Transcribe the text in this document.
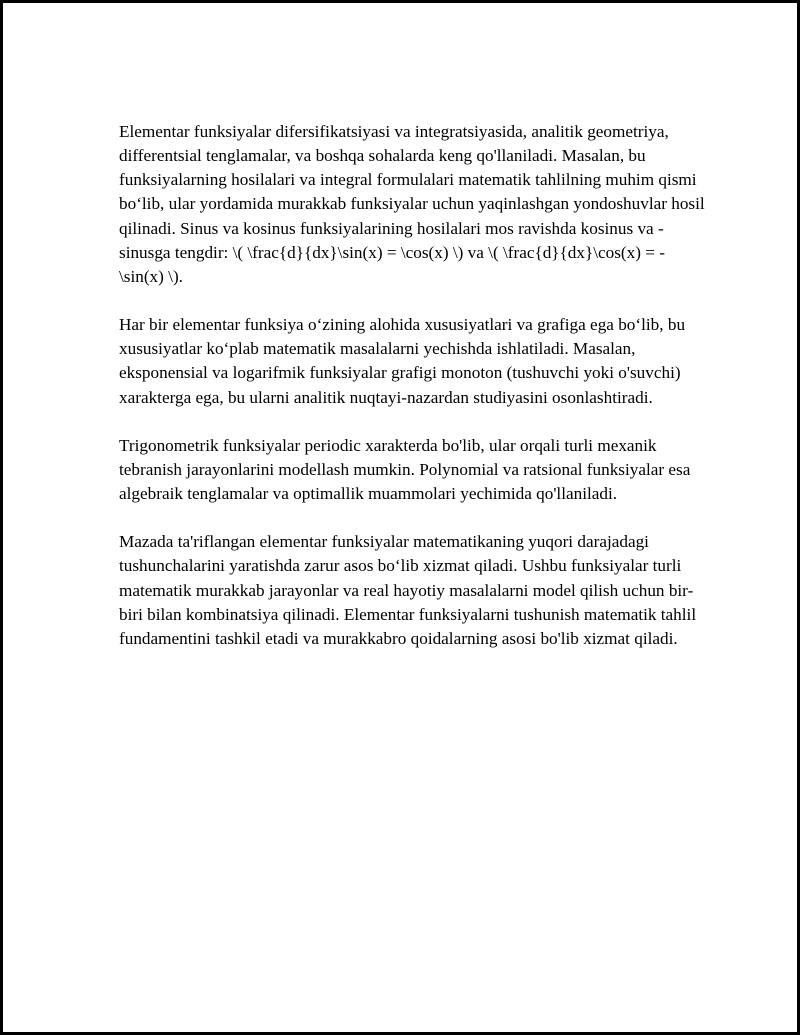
Elementar funksiyalar difersifikatsiyasi va integratsiyasida, analitik geometriya, differentsial tenglamalar, va boshqa sohalarda keng qo'llaniladi. Masalan, bu funksiyalarning hosilalari va integral formulalari matematik tahlilning muhim qismi bo‘lib, ular yordamida murakkab funksiyalar uchun yaqinlashgan yondoshuvlar hosil qilinadi. Sinus va kosinus funksiyalarining hosilalari mos ravishda kosinus va -sinusga tengdir: \( \frac{d}{dx}\sin(x) = \cos(x) \) va \( \frac{d}{dx}\cos(x) = -\sin(x) \).

Har bir elementar funksiya o‘zining alohida xususiyatlari va grafiga ega bo‘lib, bu xususiyatlar ko‘plab matematik masalalarni yechishda ishlatiladi. Masalan, eksponensial va logarifmik funksiyalar grafigi monoton (tushuvchi yoki o'suvchi) xarakterga ega, bu ularni analitik nuqtayi-nazardan studiyasini osonlashtiradi.

Trigonometrik funksiyalar periodic xarakterda bo'lib, ular orqali turli mexanik tebranish jarayonlarini modellash mumkin. Polynomial va ratsional funksiyalar esa algebraik tenglamalar va optimallik muammolari yechimida qo'llaniladi.

Mazada ta'riflangan elementar funksiyalar matematikaning yuqori darajadagi tushunchalarini yaratishda zarur asos bo‘lib xizmat qiladi. Ushbu funksiyalar turli matematik murakkab jarayonlar va real hayotiy masalalarni model qilish uchun bir-biri bilan kombinatsiya qilinadi. Elementar funksiyalarni tushunish matematik tahlil fundamentini tashkil etadi va murakkabro qoidalarning asosi bo'lib xizmat qiladi.
